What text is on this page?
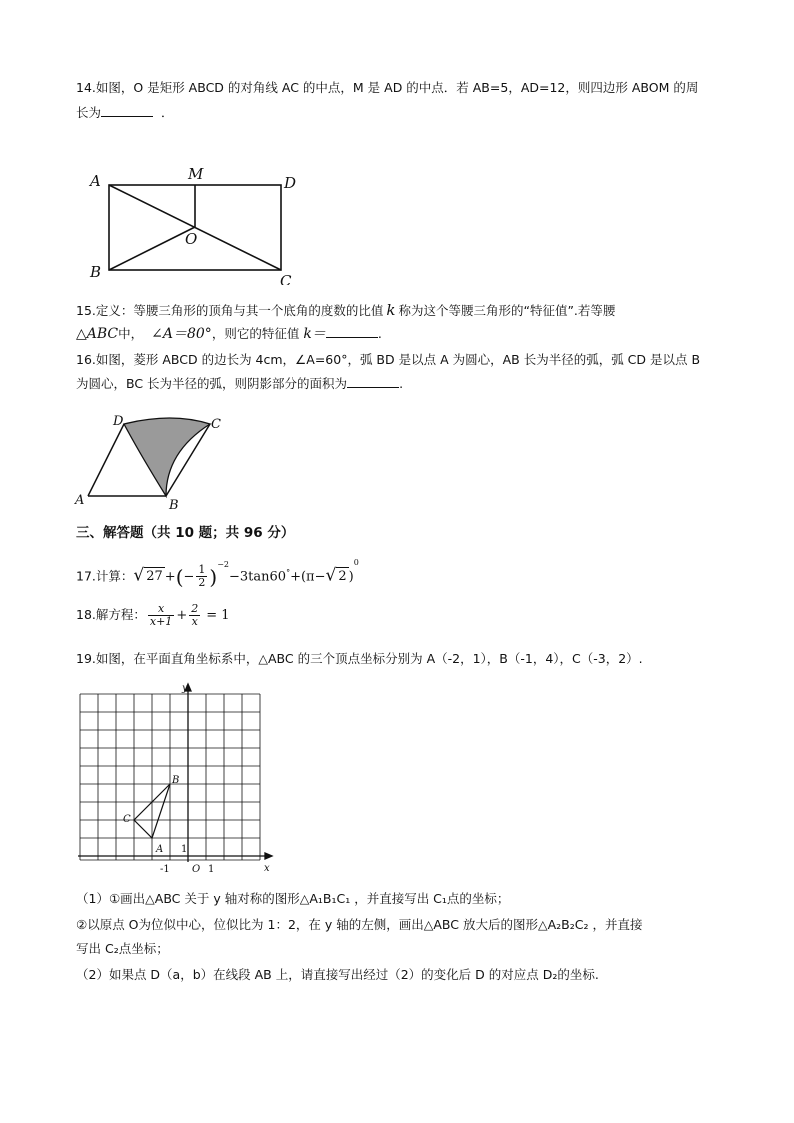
14.如图，O 是矩形 ABCD 的对角线 AC 的中点，M 是 AD 的中点．若 AB=5，AD=12，则四边形 ABOM 的周
长为	．
A
B	C
D
M
O
15.定义：等腰三角形的顶角与其一个底角的度数的比值 k 称为这个等腰三角形的“特征值”.若等腰
△ABC中， ∠A＝80°，则它的特征值 k＝	.
16.如图，菱形 ABCD 的边长为 4cm，∠A=60°，弧 BD 是以点 A 为圆心，AB 长为半径的弧，弧 CD 是以点 B
为圆心，BC 长为半径的弧，则阴影部分的面积为	.
A	B
C
D
三、解答题（共 10 题；共 96 分）
17.计算：√ 27 +(− $\frac{1}{2} )^{-2}-3\tan 60^\circ+(\pi-√$ 2 )$^0$
18.解方程： $\frac{x}{x+1} + \frac{2}{x} = 1$
19.如图，在平面直角坐标系中，△ABC 的三个顶点坐标分别为 A（-2，1），B（-1，4），C（-3，2）.
y
x
B
C
A 1
-1 O 1
（1）①画出△ABC 关于 y 轴对称的图形△A₁B₁C₁ ，并直接写出 C₁点的坐标；
②以原点 O为位似中心，位似比为 1：2，在 y 轴的左侧，画出△ABC 放大后的图形△A₂B₂C₂ ，并直接
写出 C₂点坐标；
（2）如果点 D（a，b）在线段 AB 上，请直接写出经过（2）的变化后 D 的对应点 D₂的坐标.
